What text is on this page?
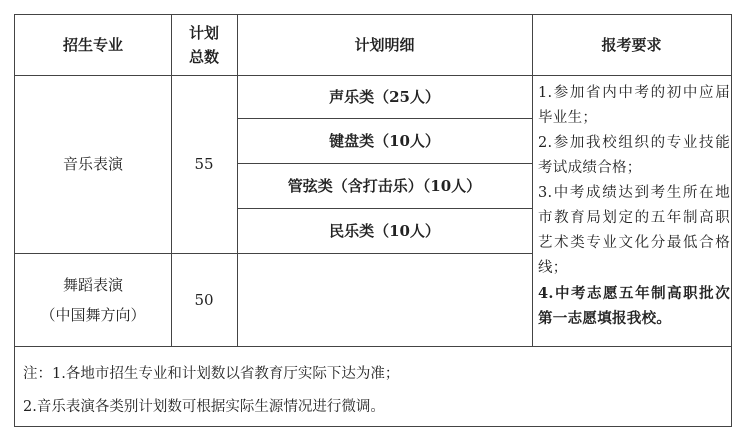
招生专业
计划
总数
计划明细	报考要求
音乐表演	55
声乐类（25人）
键盘类（10人）
管弦类（含打击乐）（10人）
民乐类（10人）
舞蹈表演
（中国舞方向）
50

1.参加省内中考的初中应届毕业生；

2.参加我校组织的专业技能考试成绩合格；

3.中考成绩达到考生所在地市教育局划定的五年制高职艺术类专业文化分最低合格线；

4.中考志愿五年制高职批次第一志愿填报我校。

注：1.各地市招生专业和计划数以省教育厅实际下达为准；
2.音乐表演各类别计划数可根据实际生源情况进行微调。
